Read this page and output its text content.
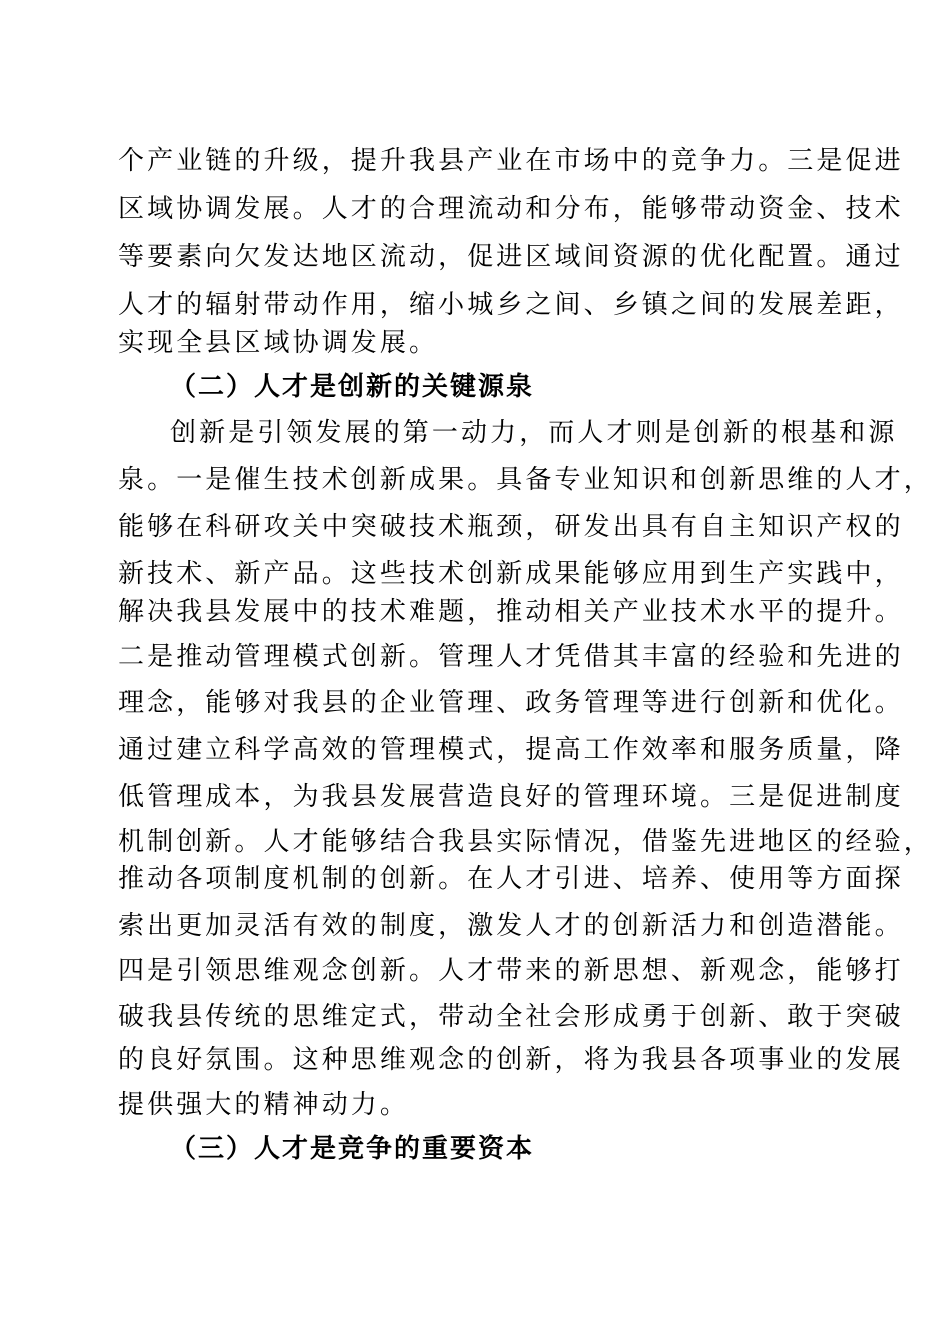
个产业链的升级，提升我县产业在市场中的竞争力。三是促进
区域协调发展。人才的合理流动和分布，能够带动资金、技术
等要素向欠发达地区流动，促进区域间资源的优化配置。通过
人才的辐射带动作用，缩小城乡之间、乡镇之间的发展差距，
实现全县区域协调发展。
（二）人才是创新的关键源泉
创新是引领发展的第一动力，而人才则是创新的根基和源
泉。一是催生技术创新成果。具备专业知识和创新思维的人才，
能够在科研攻关中突破技术瓶颈，研发出具有自主知识产权的
新技术、新产品。这些技术创新成果能够应用到生产实践中，
解决我县发展中的技术难题，推动相关产业技术水平的提升。
二是推动管理模式创新。管理人才凭借其丰富的经验和先进的
理念，能够对我县的企业管理、政务管理等进行创新和优化。
通过建立科学高效的管理模式，提高工作效率和服务质量，降
低管理成本，为我县发展营造良好的管理环境。三是促进制度
机制创新。人才能够结合我县实际情况，借鉴先进地区的经验，
推动各项制度机制的创新。在人才引进、培养、使用等方面探
索出更加灵活有效的制度，激发人才的创新活力和创造潜能。
四是引领思维观念创新。人才带来的新思想、新观念，能够打
破我县传统的思维定式，带动全社会形成勇于创新、敢于突破
的良好氛围。这种思维观念的创新，将为我县各项事业的发展
提供强大的精神动力。
（三）人才是竞争的重要资本
